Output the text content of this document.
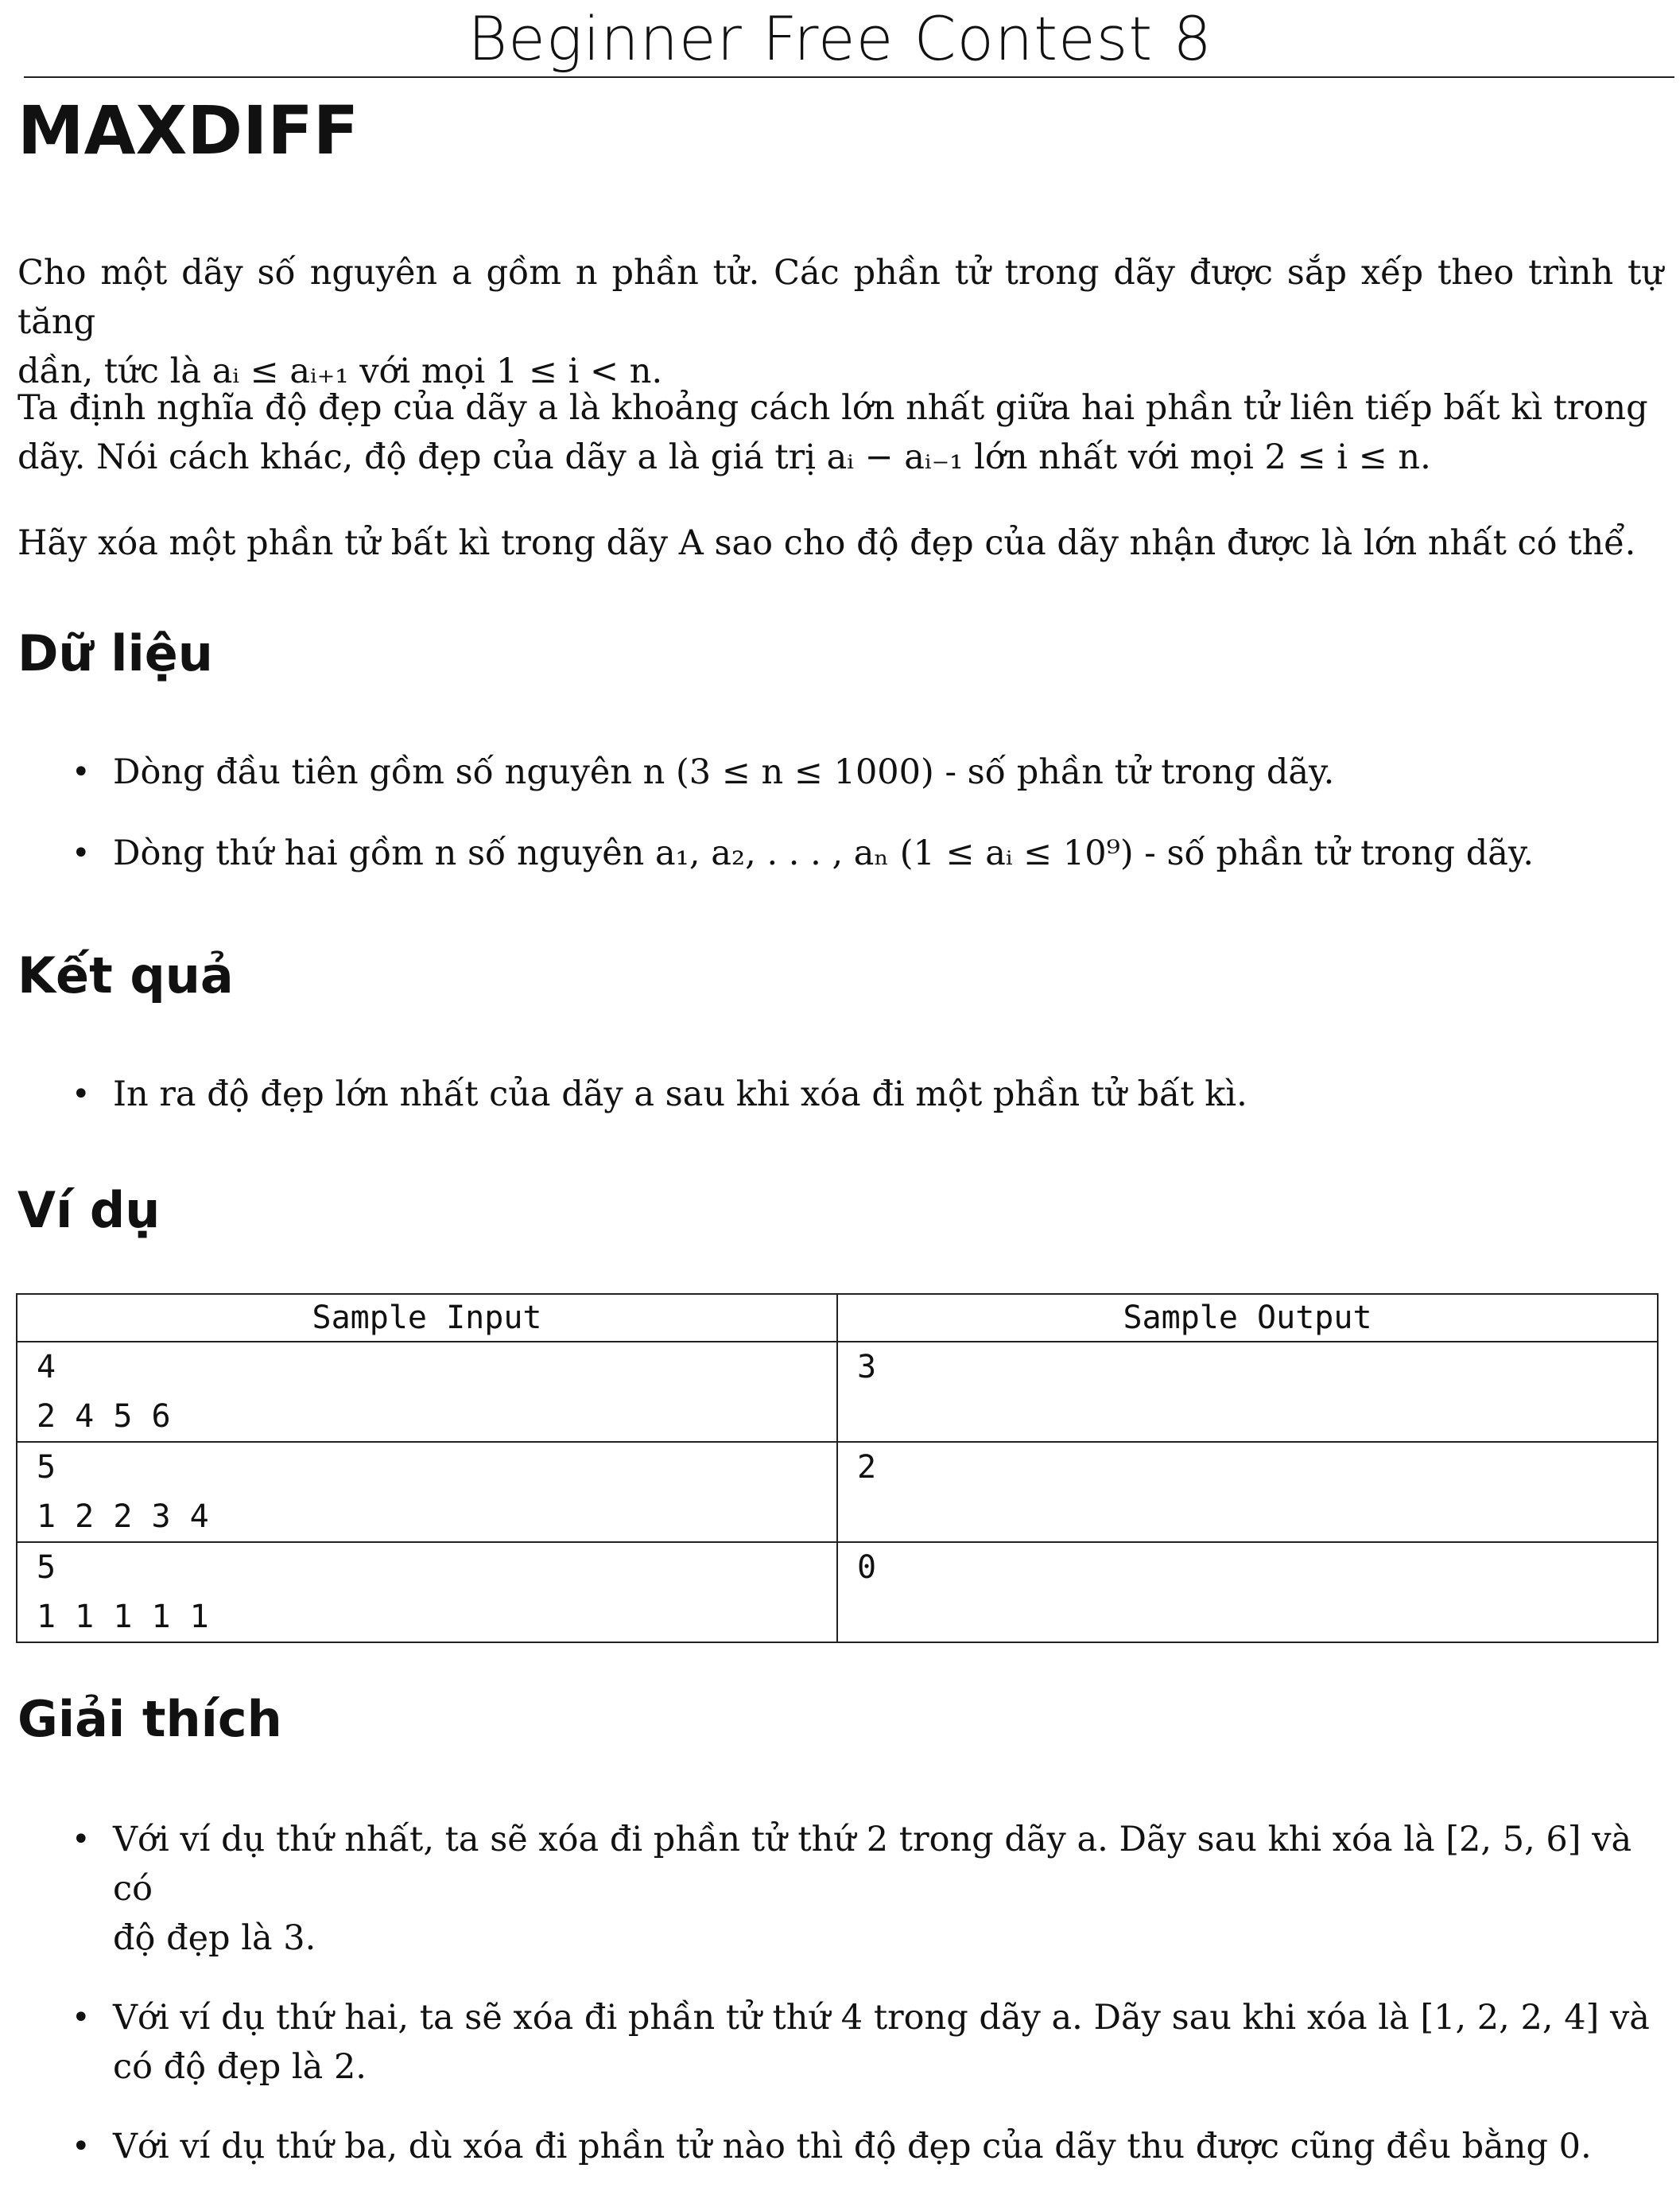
Beginner Free Contest 8
MAXDIFF

Cho một dãy số nguyên a gồm n phần tử. Các phần tử trong dãy được sắp xếp theo trình tự tăng

dần, tức là aᵢ ≤ aᵢ₊₁ với mọi 1 ≤ i < n.

Ta định nghĩa độ đẹp của dãy a là khoảng cách lớn nhất giữa hai phần tử liên tiếp bất kì trong

dãy. Nói cách khác, độ đẹp của dãy a là giá trị aᵢ − aᵢ₋₁ lớn nhất với mọi 2 ≤ i ≤ n.

Hãy xóa một phần tử bất kì trong dãy A sao cho độ đẹp của dãy nhận được là lớn nhất có thể.

Dữ liệu
• Dòng đầu tiên gồm số nguyên n (3 ≤ n ≤ 1000) - số phần tử trong dãy.
• Dòng thứ hai gồm n số nguyên a₁, a₂, . . . , aₙ (1 ≤ aᵢ ≤ 10⁹) - số phần tử trong dãy.
Kết quả
• In ra độ đẹp lớn nhất của dãy a sau khi xóa đi một phần tử bất kì.
Ví dụ
Sample Input	Sample Output
4
2 4 5 6	3
5
1 2 2 3 4	2
5
1 1 1 1 1	0
Giải thích
• Với ví dụ thứ nhất, ta sẽ xóa đi phần tử thứ 2 trong dãy a. Dãy sau khi xóa là [2, 5, 6] và có
độ đẹp là 3.
• Với ví dụ thứ hai, ta sẽ xóa đi phần tử thứ 4 trong dãy a. Dãy sau khi xóa là [1, 2, 2, 4] và
có độ đẹp là 2.
• Với ví dụ thứ ba, dù xóa đi phần tử nào thì độ đẹp của dãy thu được cũng đều bằng 0.
